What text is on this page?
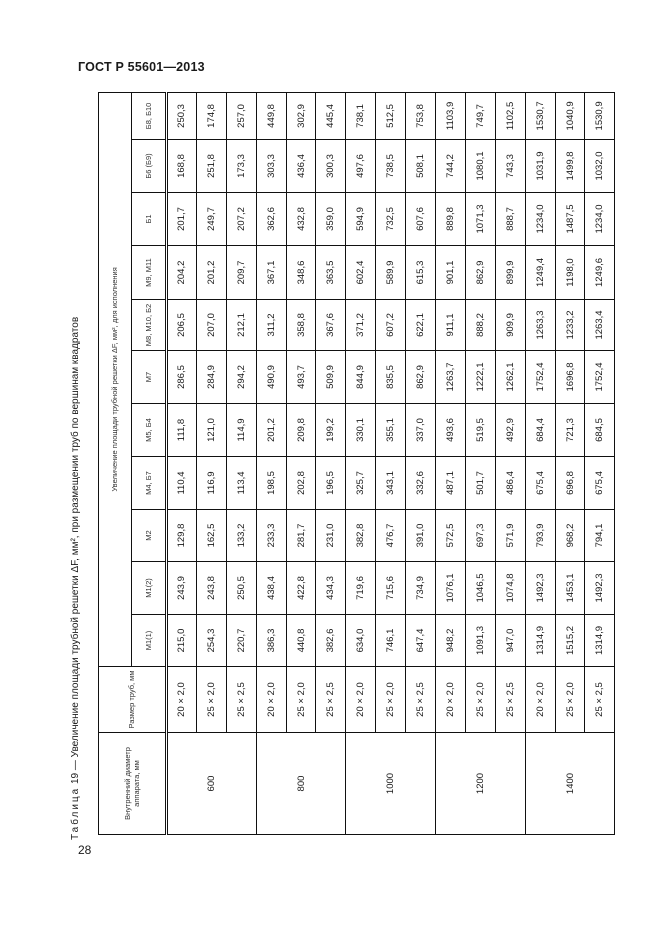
ГОСТ Р 55601—2013
28
Таблица 19 — Увеличение площади трубной решетки ΔF, мм², при размещении труб по вершинам квадратов
Внутренний диаметр аппарата, мм	Размер труб, мм	Увеличение площади трубной решетки ΔF, мм², для исполнения										
		М1(1)	М1(2)	М2	М4, Б7	М5, Б4	М7	М8, М10, Б2	М9, М11	Б1	Б6 (Б9)	Б8, Б10
600	20 × 2,0	215,0	243,9	129,8	110,4	111,8	286,5	206,5	204,2	201,7	168,8	250,3
	25 × 2,0	254,3	243,8	162,5	116,9	121,0	284,9	207,0	201,2	249,7	251,8	174,8
	25 × 2,5	220,7	250,5	133,2	113,4	114,9	294,2	212,1	209,7	207,2	173,3	257,0
800	20 × 2,0	386,3	438,4	233,3	198,5	201,2	490,9	311,2	367,1	362,6	303,3	449,8
	25 × 2,0	440,8	422,8	281,7	202,8	209,8	493,7	358,8	348,6	432,8	436,4	302,9
	25 × 2,5	382,6	434,3	231,0	196,5	199,2	509,9	367,6	363,5	359,0	300,3	445,4
1000	20 × 2,0	634,0	719,6	382,8	325,7	330,1	844,9	371,2	602,4	594,9	497,6	738,1
	25 × 2,0	746,1	715,6	476,7	343,1	355,1	835,5	607,2	589,9	732,5	738,5	512,5
	25 × 2,5	647,4	734,9	391,0	332,6	337,0	862,9	622,1	615,3	607,6	508,1	753,8
1200	20 × 2,0	948,2	1076,1	572,5	487,1	493,6	1263,7	911,1	901,1	889,8	744,2	1103,9
	25 × 2,0	1091,3	1046,5	697,3	501,7	519,5	1222,1	888,2	862,9	1071,3	1080,1	749,7
	25 × 2,5	947,0	1074,8	571,9	486,4	492,9	1262,1	909,9	899,9	888,7	743,3	1102,5
1400	20 × 2,0	1314,9	1492,3	793,9	675,4	684,4	1752,4	1263,3	1249,4	1234,0	1031,9	1530,7
	25 × 2,0	1515,2	1453,1	968,2	696,8	721,3	1696,8	1233,2	1198,0	1487,5	1499,8	1040,9
	25 × 2,5	1314,9	1492,3	794,1	675,4	684,5	1752,4	1263,4	1249,6	1234,0	1032,0	1530,9
